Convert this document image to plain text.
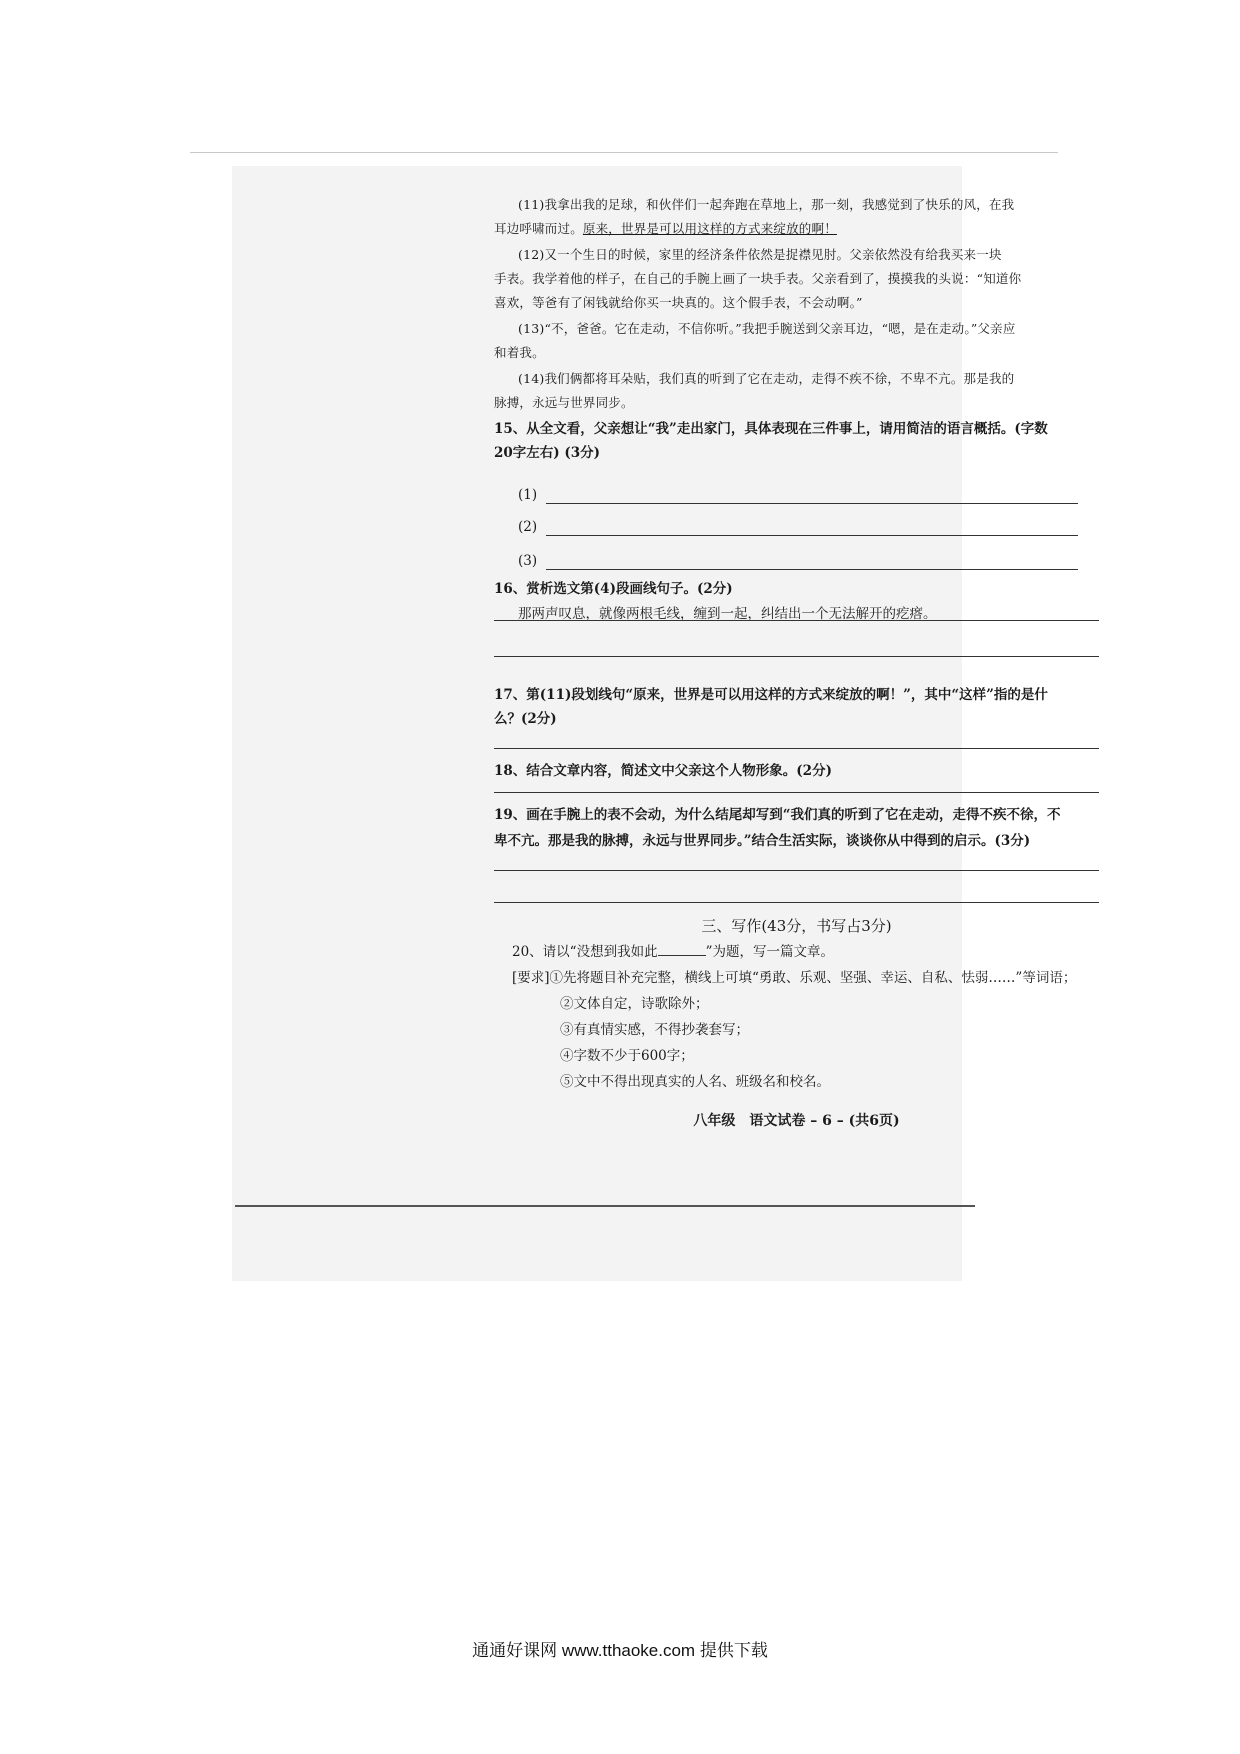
(11)我拿出我的足球，和伙伴们一起奔跑在草地上，那一刻，我感觉到了快乐的风，在我
耳边呼啸而过。原来，世界是可以用这样的方式来绽放的啊！
(12)又一个生日的时候，家里的经济条件依然是捉襟见肘。父亲依然没有给我买来一块
手表。我学着他的样子，在自己的手腕上画了一块手表。父亲看到了，摸摸我的头说：“知道你
喜欢，等爸有了闲钱就给你买一块真的。这个假手表，不会动啊。”
(13)“不，爸爸。它在走动，不信你听。”我把手腕送到父亲耳边，“嗯，是在走动。”父亲应
和着我。
(14)我们俩都将耳朵贴，我们真的听到了它在走动，走得不疾不徐，不卑不亢。那是我的
脉搏，永远与世界同步。
15、从全文看，父亲想让“我”走出家门，具体表现在三件事上，请用简洁的语言概括。(字数
20字左右) (3分)
(1)
(2)
(3)
16、赏析选文第(4)段画线句子。(2分)
那两声叹息，就像两根毛线，缠到一起，纠结出一个无法解开的疙瘩。
17、第(11)段划线句“原来，世界是可以用这样的方式来绽放的啊！”，其中“这样”指的是什
么？(2分)
18、结合文章内容，简述文中父亲这个人物形象。(2分)
19、画在手腕上的表不会动，为什么结尾却写到“我们真的听到了它在走动，走得不疾不徐，不
卑不亢。那是我的脉搏，永远与世界同步。”结合生活实际，谈谈你从中得到的启示。(3分)
三、写作(43分，书写占3分)
20、请以“没想到我如此	”为题，写一篇文章。
[要求]①先将题目补充完整，横线上可填“勇敢、乐观、坚强、幸运、自私、怯弱……”等词语；
②文体自定，诗歌除外；
③有真情实感，不得抄袭套写；
④字数不少于600字；
⑤文中不得出现真实的人名、班级名和校名。
八年级　语文试卷 – 6 – (共6页)
通通好课网 www.tthaoke.com 提供下载
